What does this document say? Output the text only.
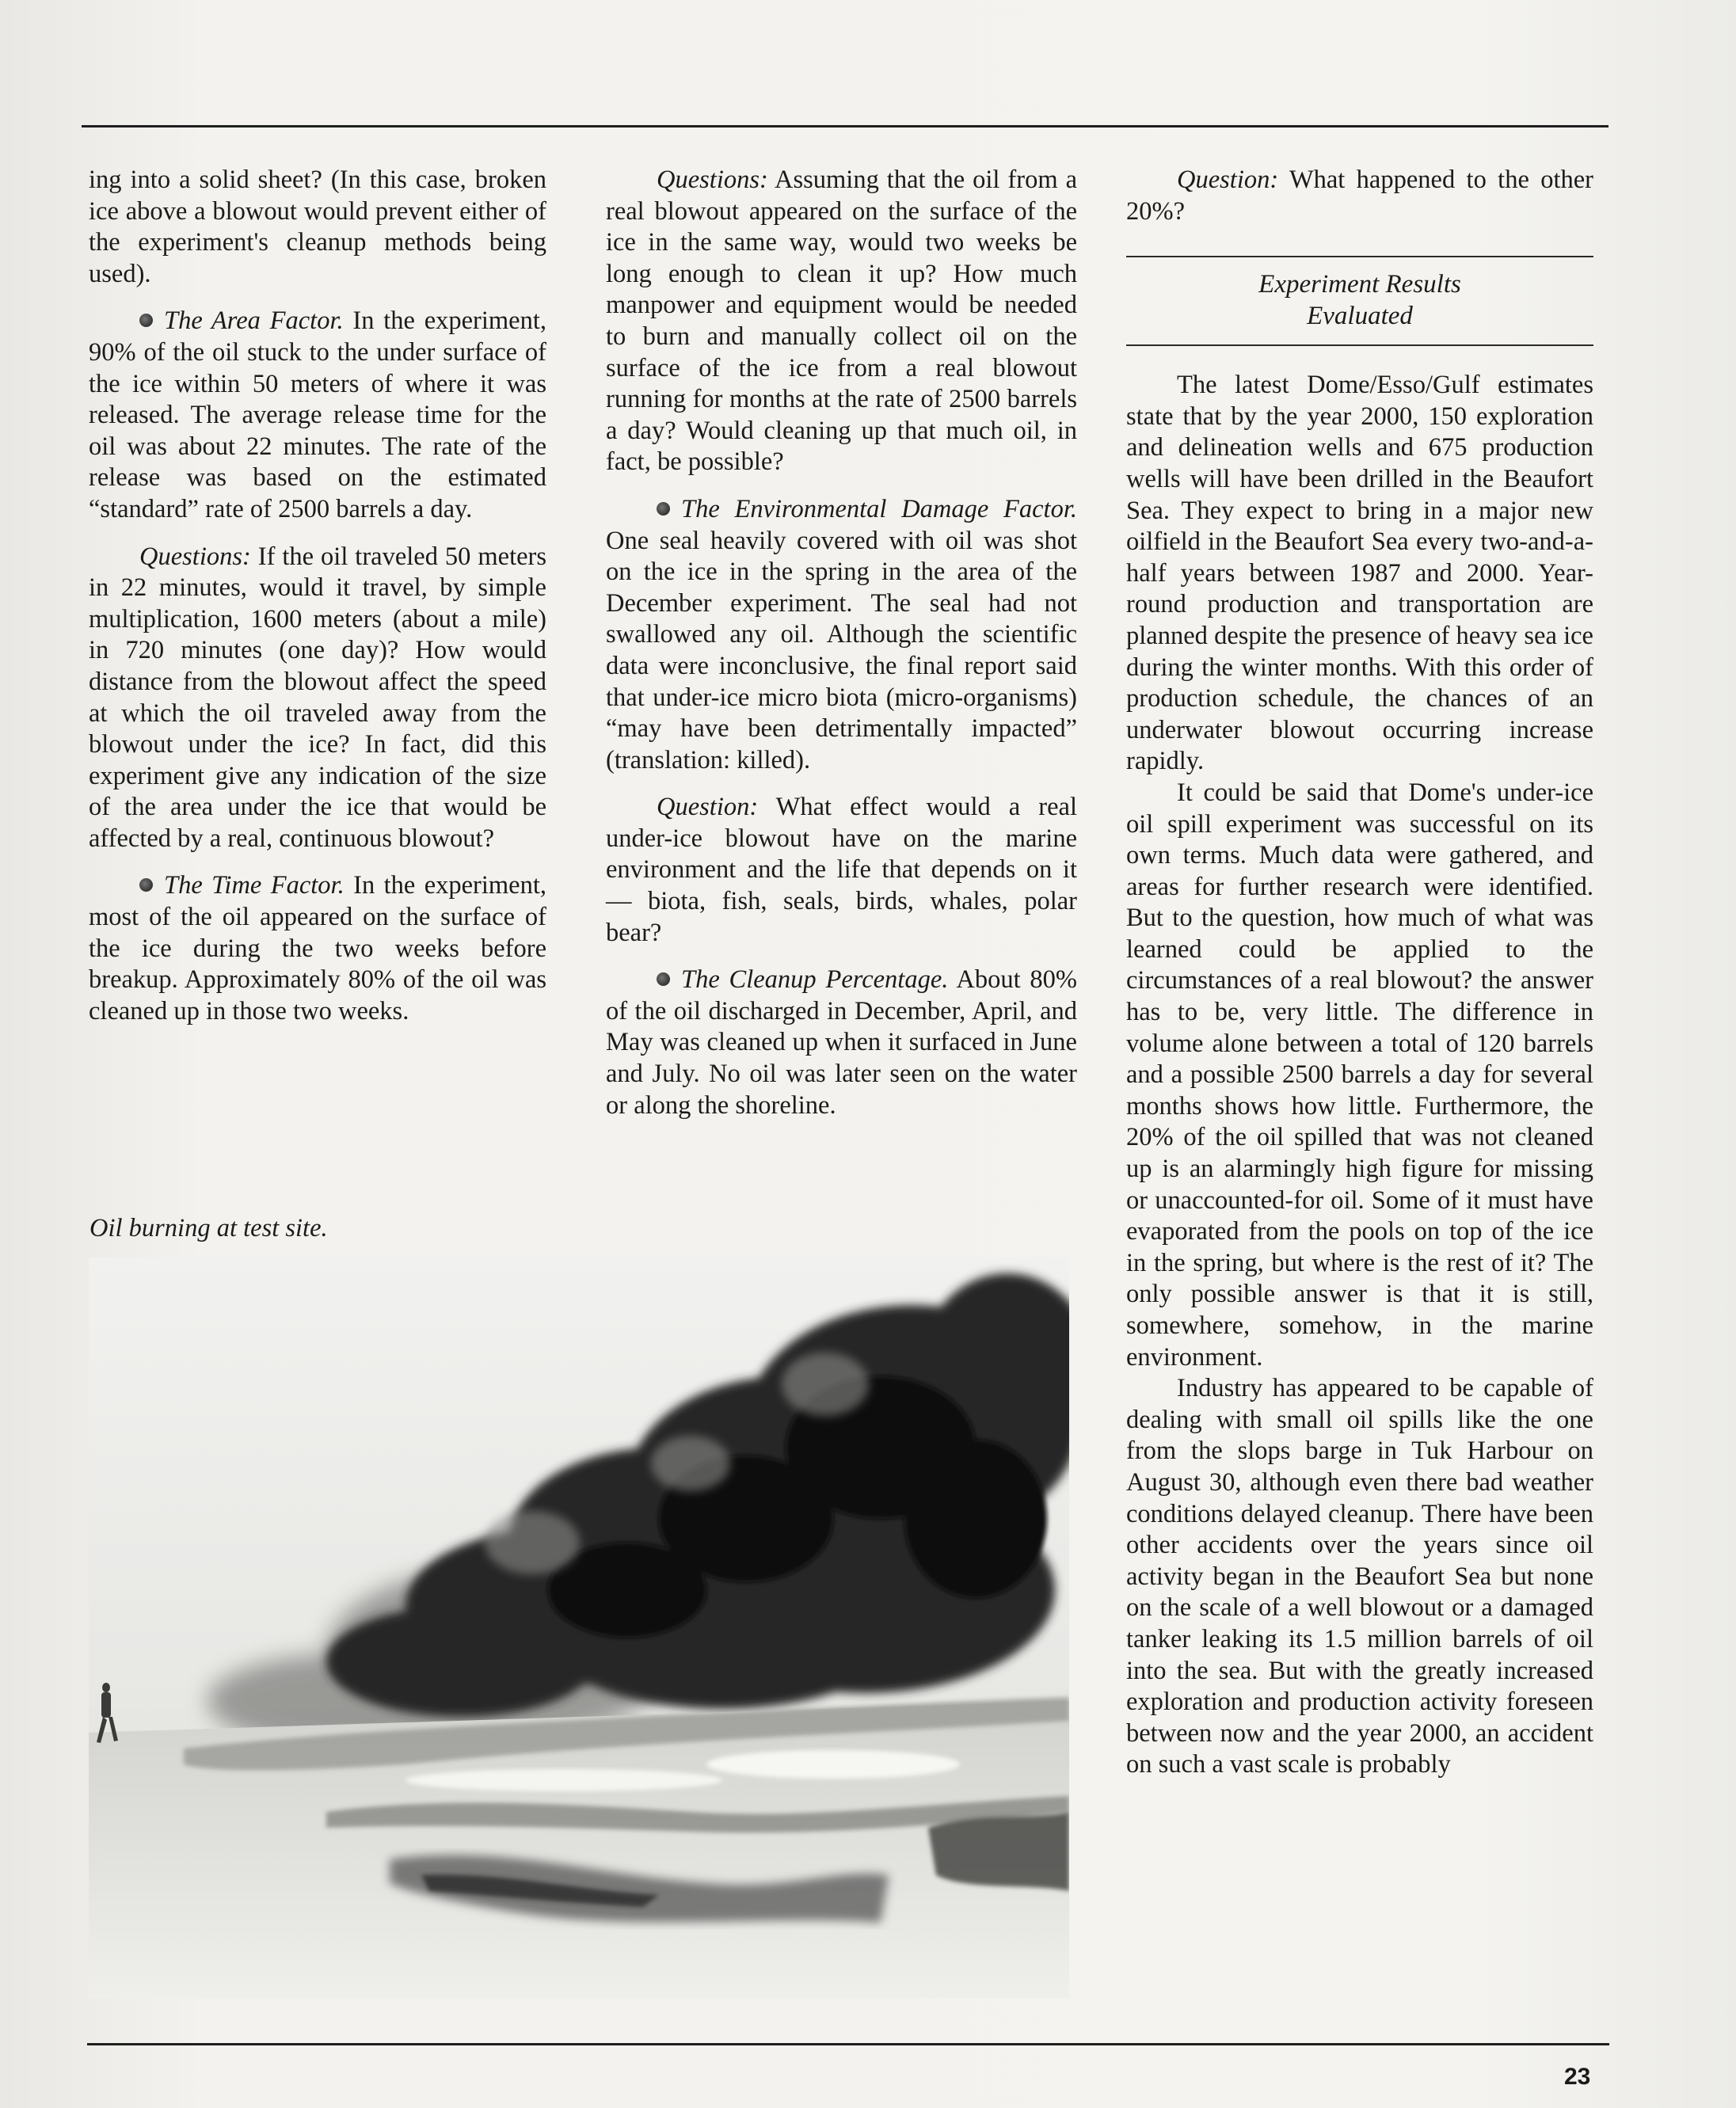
ing into a solid sheet? (In this case, broken ice above a blowout would prevent either of the experiment's cleanup methods being used).

The Area Factor. In the experiment, 90% of the oil stuck to the under surface of the ice within 50 meters of where it was released. The average release time for the oil was about 22 minutes. The rate of the release was based on the estimated “standard” rate of 2500 barrels a day.

Questions: If the oil traveled 50 meters in 22 minutes, would it travel, by simple multiplication, 1600 meters (about a mile) in 720 minutes (one day)? How would distance from the blowout affect the speed at which the oil traveled away from the blowout under the ice? In fact, did this experiment give any indication of the size of the area under the ice that would be affected by a real, continuous blowout?

The Time Factor. In the experiment, most of the oil appeared on the surface of the ice during the two weeks before breakup. Approximately 80% of the oil was cleaned up in those two weeks.

Oil burning at test site.

Questions: Assuming that the oil from a real blowout appeared on the surface of the ice in the same way, would two weeks be long enough to clean it up? How much manpower and equipment would be needed to burn and manually collect oil on the surface of the ice from a real blowout running for months at the rate of 2500 barrels a day? Would cleaning up that much oil, in fact, be possible?

The Environmental Damage Factor. One seal heavily covered with oil was shot on the ice in the spring in the area of the December experiment. The seal had not swallowed any oil. Although the scientific data were inconclusive, the final report said that under-ice micro biota (micro-organisms) “may have been detrimentally impacted” (translation: killed).

Question: What effect would a real under-ice blowout have on the marine environment and the life that depends on it — biota, fish, seals, birds, whales, polar bear?

The Cleanup Percentage. About 80% of the oil discharged in December, April, and May was cleaned up when it surfaced in June and July. No oil was later seen on the water or along the shoreline.

Question: What happened to the other 20%?

Experiment Results
Evaluated

The latest Dome/Esso/Gulf estimates state that by the year 2000, 150 exploration and delineation wells and 675 production wells will have been drilled in the Beaufort Sea. They expect to bring in a major new oilfield in the Beaufort Sea every two-and-a-half years between 1987 and 2000. Year-round production and transportation are planned despite the presence of heavy sea ice during the winter months. With this order of production schedule, the chances of an underwater blowout occurring increase rapidly.

It could be said that Dome's under-ice oil spill experiment was successful on its own terms. Much data were gathered, and areas for further research were identified. But to the question, how much of what was learned could be applied to the circumstances of a real blowout? the answer has to be, very little. The difference in volume alone between a total of 120 barrels and a possible 2500 barrels a day for several months shows how little. Furthermore, the 20% of the oil spilled that was not cleaned up is an alarmingly high figure for missing or unaccounted-for oil. Some of it must have evaporated from the pools on top of the ice in the spring, but where is the rest of it? The only possible answer is that it is still, somewhere, somehow, in the marine environment.

Industry has appeared to be capable of dealing with small oil spills like the one from the slops barge in Tuk Harbour on August 30, although even there bad weather conditions delayed cleanup. There have been other accidents over the years since oil activity began in the Beaufort Sea but none on the scale of a well blowout or a damaged tanker leaking its 1.5 million barrels of oil into the sea. But with the greatly increased exploration and production activity foreseen between now and the year 2000, an accident on such a vast scale is probably

23
